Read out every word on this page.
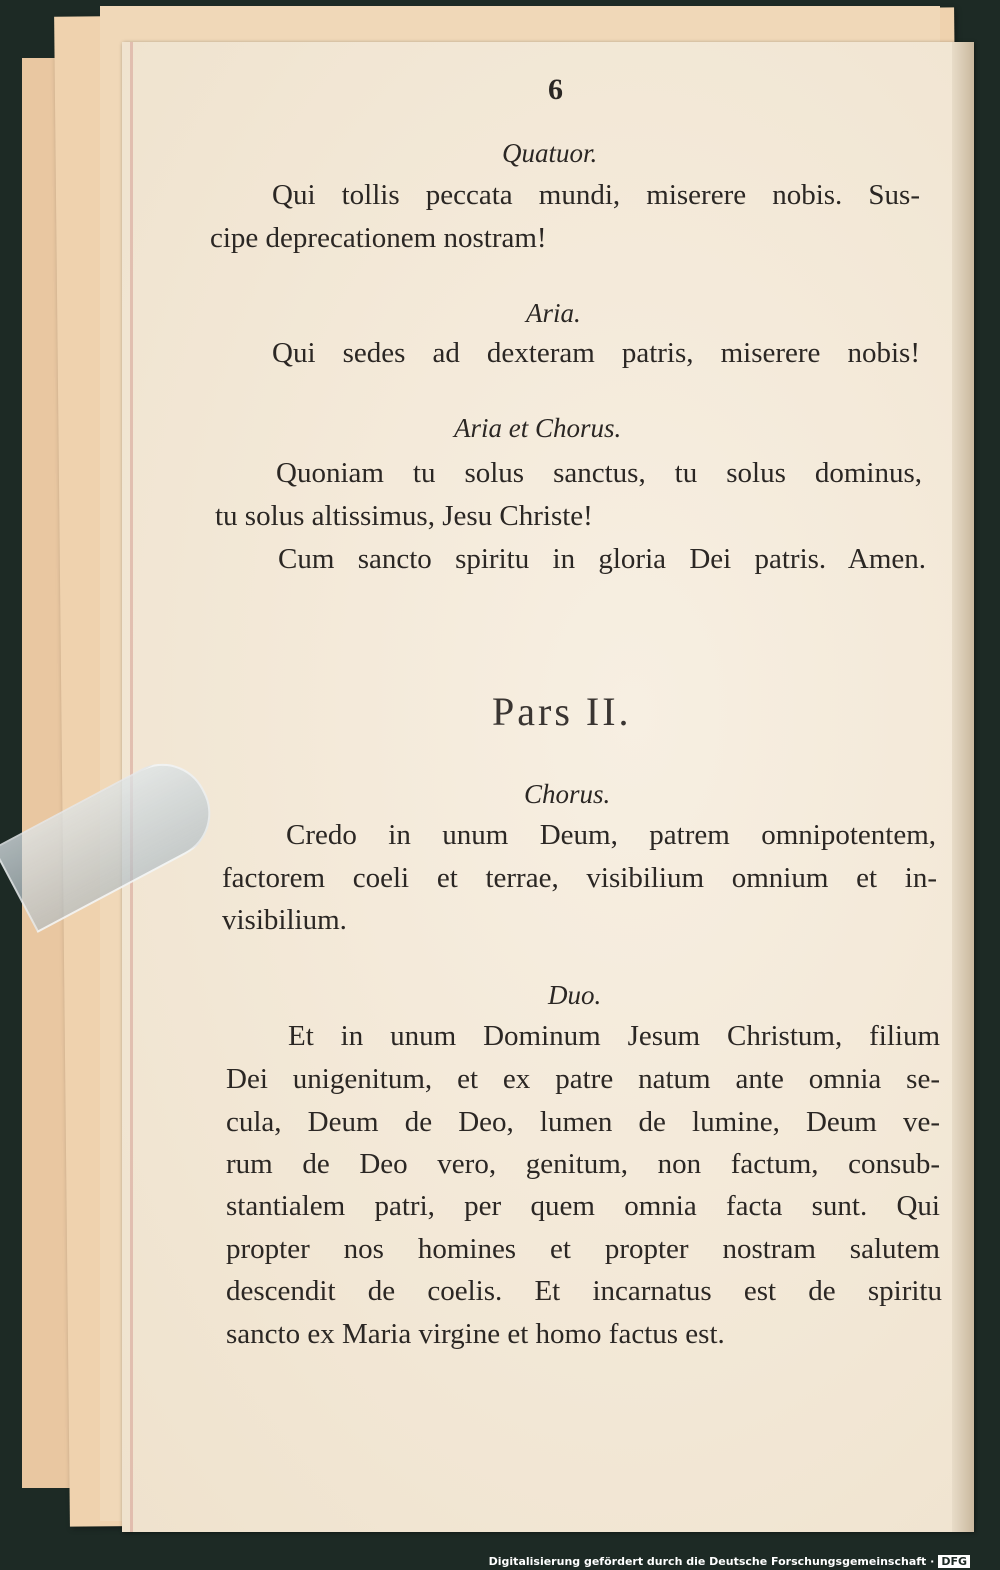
6
Quatuor.
Qui tollis peccata mundi, miserere nobis. Sus-
cipe deprecationem nostram!
Aria.
Qui sedes ad dexteram patris, miserere nobis!
Aria et Chorus.
Quoniam tu solus sanctus, tu solus dominus,
tu solus altissimus, Jesu Christe!
Cum sancto spiritu in gloria Dei patris. Amen.
Pars II.
Chorus.
Credo in unum Deum, patrem omnipotentem,
factorem coeli et terrae, visibilium omnium et in-
visibilium.
Duo.
Et in unum Dominum Jesum Christum, filium
Dei unigenitum, et ex patre natum ante omnia se-
cula, Deum de Deo, lumen de lumine, Deum ve-
rum de Deo vero, genitum, non factum, consub-
stantialem patri, per quem omnia facta sunt. Qui
propter nos homines et propter nostram salutem
descendit de coelis. Et incarnatus est de spiritu
sancto ex Maria virgine et homo factus est.
Digitalisierung gefördert durch die Deutsche Forschungsgemeinschaft · DFG
